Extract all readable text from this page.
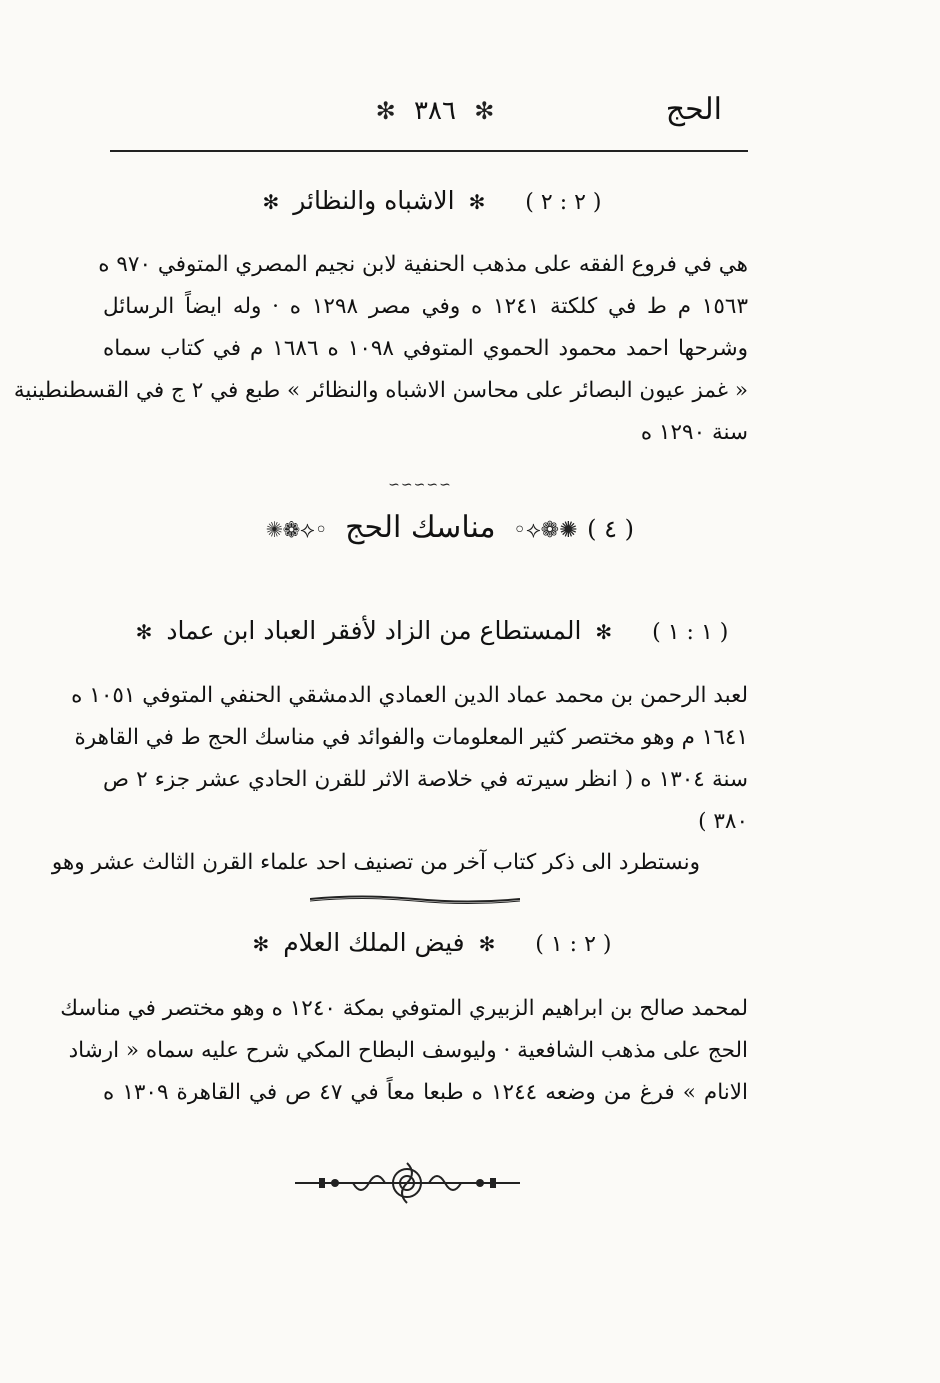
الحج
✻ ٣٨٦ ✻
( ٢ : ٢ ) ✻ الاشباه والنظائر ✻
هي في فروع الفقه على مذهب الحنفية لابن نجيم المصري المتوفي ٩٧٠ ه
١٥٦٣ م ط في كلكتة ١٢٤١ ه وفي مصر ١٢٩٨ ه · وله ايضاً الرسائل
وشرحها احمد محمود الحموي المتوفي ١٠٩٨ ه ١٦٨٦ م في كتاب سماه
« غمز عيون البصائر على محاسن الاشباه والنظائر » طبع في ٢ ج في القسطنطينية
سنة ١٢٩٠ ه
∽∽∽∽∽
( ٤ ) ✺❁⟡◦ مناسك الحج ◦⟡❁✺
( ١ : ١ ) ✻ المستطاع من الزاد لأفقر العباد ابن عماد ✻
لعبد الرحمن بن محمد عماد الدين العمادي الدمشقي الحنفي المتوفي ١٠٥١ ه
١٦٤١ م وهو مختصر كثير المعلومات والفوائد في مناسك الحج ط في القاهرة
سنة ١٣٠٤ ه ( انظر سيرته في خلاصة الاثر للقرن الحادي عشر جزء ٢ ص
٣٨٠ )
ونستطرد الى ذكر كتاب آخر من تصنيف احد علماء القرن الثالث عشر وهو
( ٢ : ١ ) ✻ فيض الملك العلام ✻
لمحمد صالح بن ابراهيم الزبيري المتوفي بمكة ١٢٤٠ ه وهو مختصر في مناسك
الحج على مذهب الشافعية · وليوسف البطاح المكي شرح عليه سماه « ارشاد
الانام » فرغ من وضعه ١٢٤٤ ه طبعا معاً في ٤٧ ص في القاهرة ١٣٠٩ ه
